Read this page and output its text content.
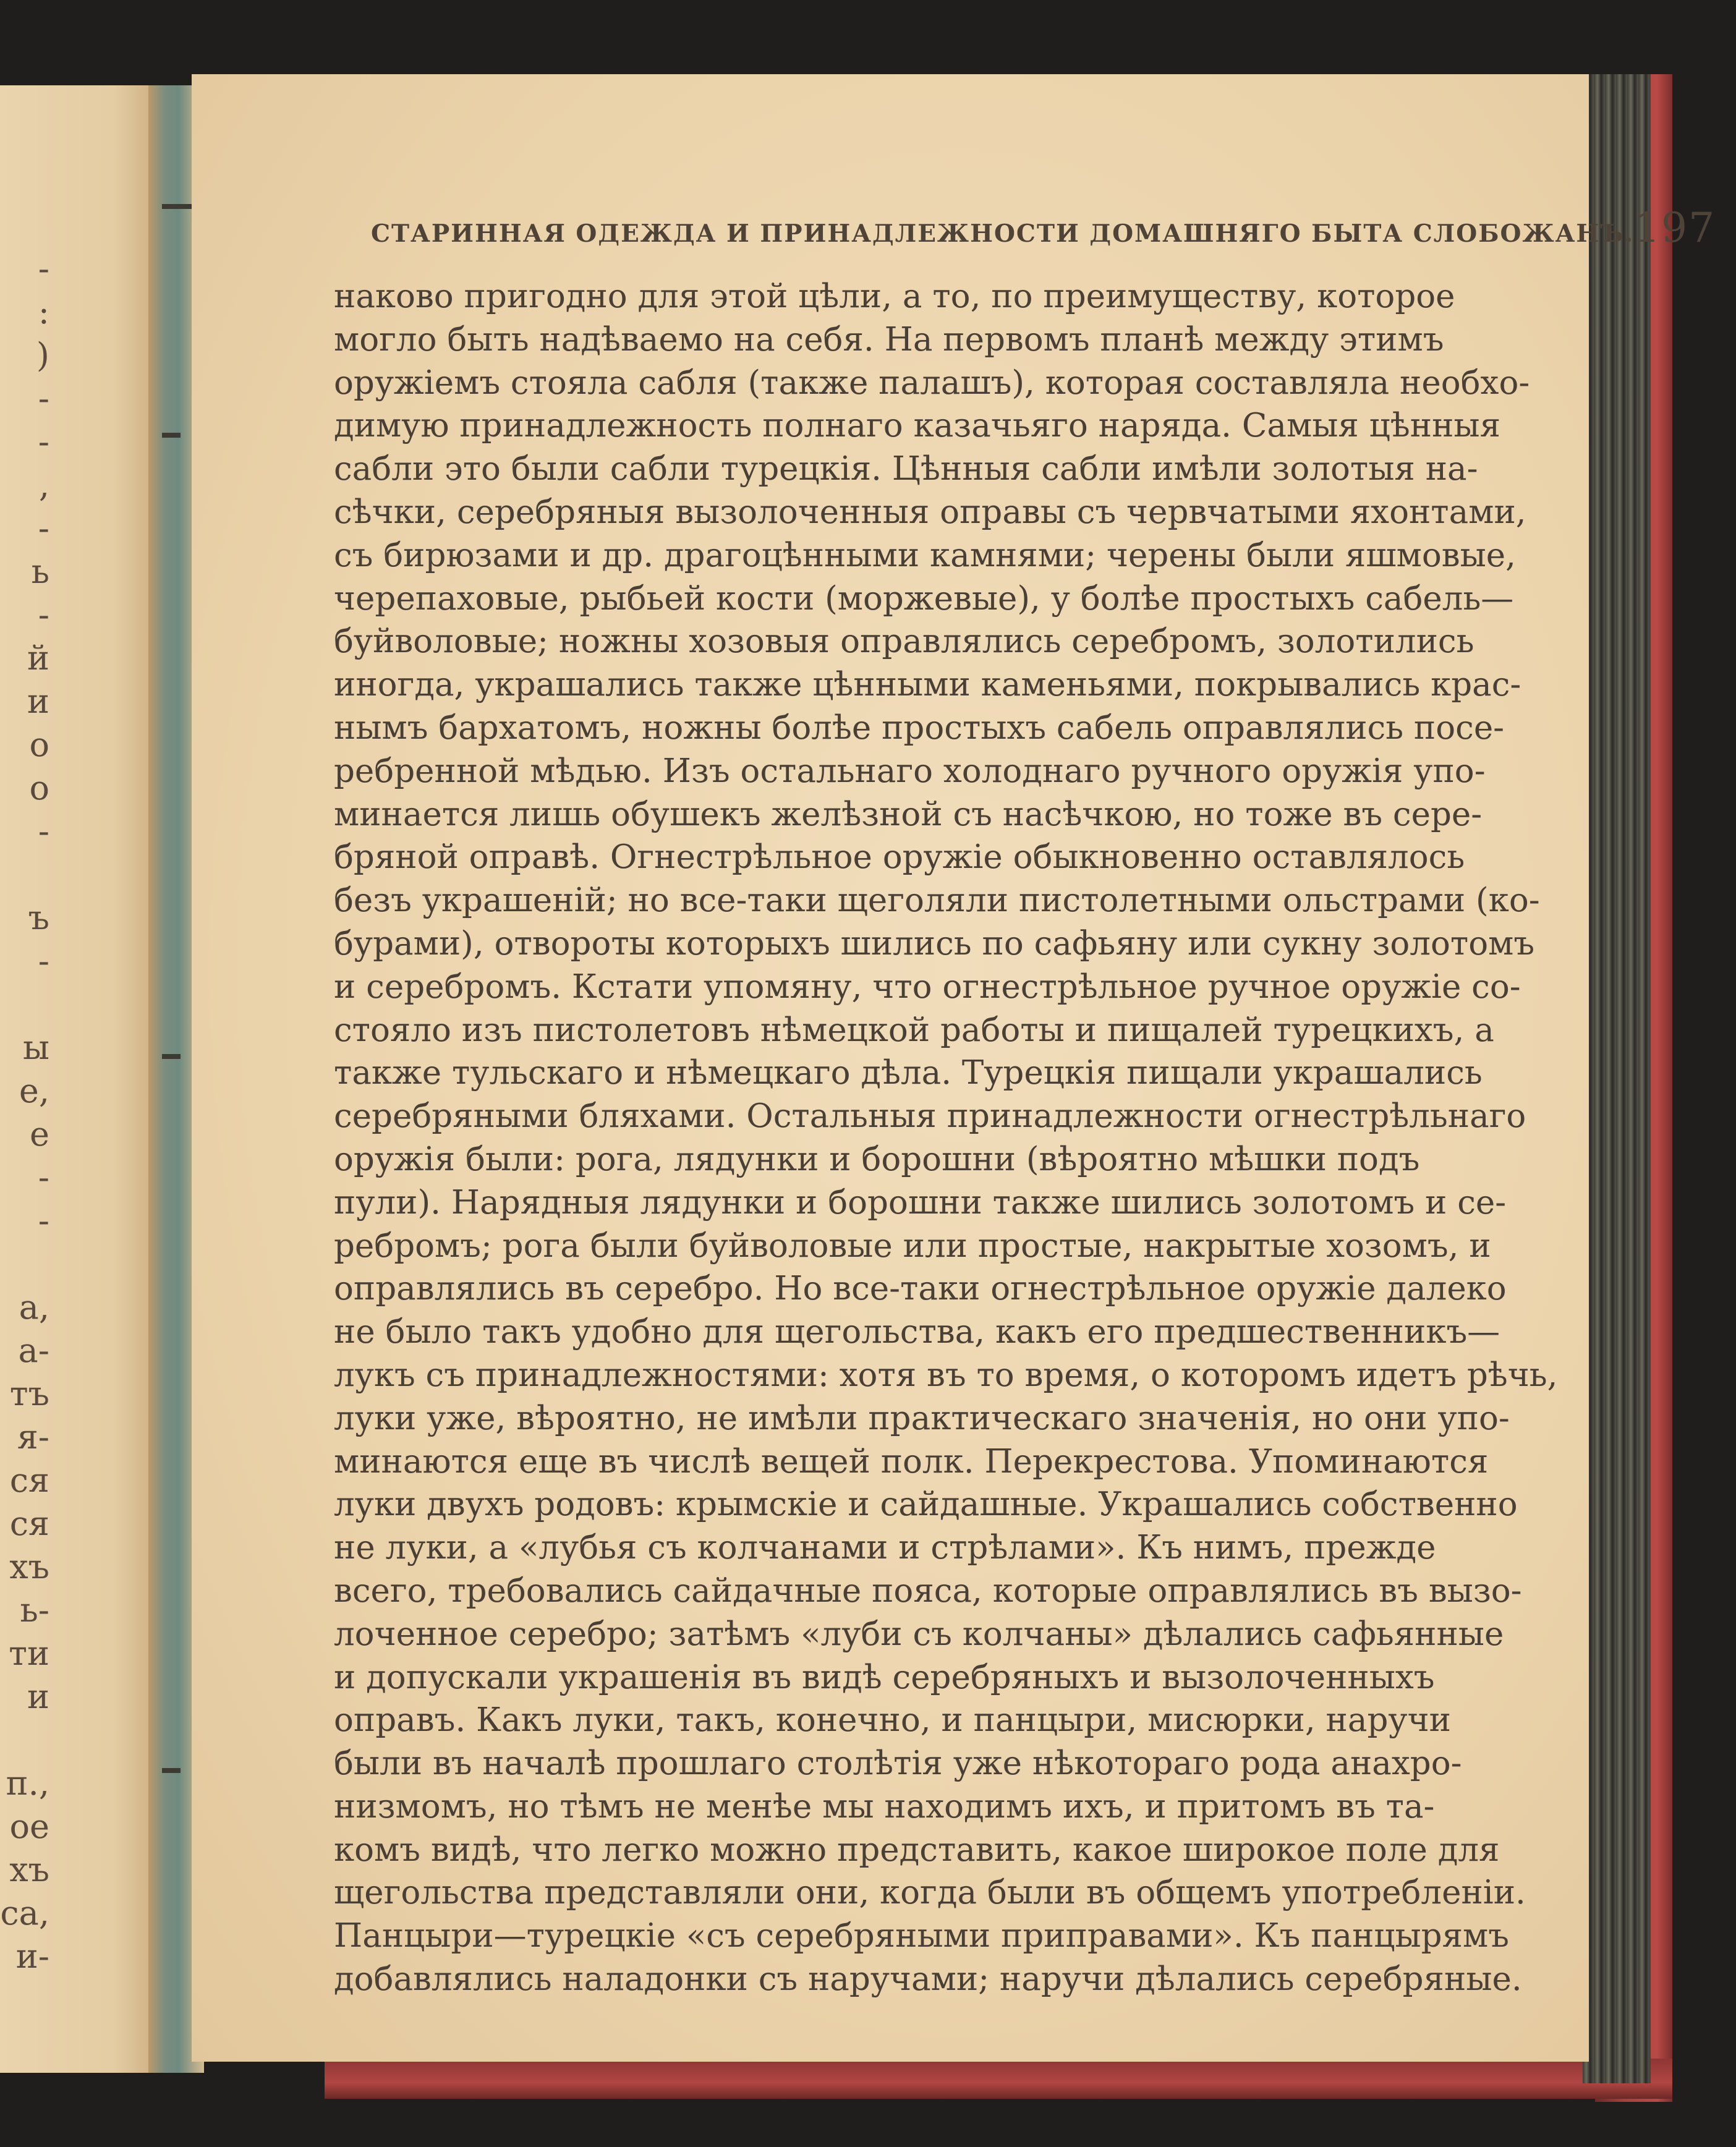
-
:
)
-
-
,
-
ь
-
й
и
о
о
-

ъ
-

ы
е,
е
-
-

а,
а-
тъ
я-
ся
ся
хъ
ь-
ти
и

п.,
ое
хъ
са,
и-
СТАРИННАЯ ОДЕЖДА И ПРИНАДЛЕЖНОСТИ ДОМАШНЯГО БЫТА СЛОБОЖАНЪ. 197
наково пригодно для этой цѣли, а то, по преимуществу, которое
могло быть надѣваемо на себя. На первомъ планѣ между этимъ
оружіемъ стояла сабля (также палашъ), которая составляла необхо-
димую принадлежность полнаго казачьяго наряда. Самыя цѣнныя
сабли это были сабли турецкія. Цѣнныя сабли имѣли золотыя на-
сѣчки, серебряныя вызолоченныя оправы съ червчатыми яхонтами,
съ бирюзами и др. драгоцѣнными камнями; черены были яшмовые,
черепаховые, рыбьей кости (моржевые), у болѣе простыхъ сабель—
буйволовые; ножны хозовыя оправлялись серебромъ, золотились
иногда, украшались также цѣнными каменьями, покрывались крас-
нымъ бархатомъ, ножны болѣе простыхъ сабель оправлялись посе-
ребренной мѣдью. Изъ остальнаго холоднаго ручного оружія упо-
минается лишь обушекъ желѣзной съ насѣчкою, но тоже въ сере-
бряной оправѣ. Огнестрѣльное оружіе обыкновенно оставлялось
безъ украшеній; но все-таки щеголяли пистолетными ольстрами (ко-
бурами), отвороты которыхъ шились по сафьяну или сукну золотомъ
и серебромъ. Кстати упомяну, что огнестрѣльное ручное оружіе со-
стояло изъ пистолетовъ нѣмецкой работы и пищалей турецкихъ, а
также тульскаго и нѣмецкаго дѣла. Турецкія пищали украшались
серебряными бляхами. Остальныя принадлежности огнестрѣльнаго
оружія были: рога, лядунки и борошни (вѣроятно мѣшки подъ
пули). Нарядныя лядунки и борошни также шились золотомъ и се-
ребромъ; рога были буйволовые или простые, накрытые хозомъ, и
оправлялись въ серебро. Но все-таки огнестрѣльное оружіе далеко
не было такъ удобно для щегольства, какъ его предшественникъ—
лукъ съ принадлежностями: хотя въ то время, о которомъ идетъ рѣчь,
луки уже, вѣроятно, не имѣли практическаго значенія, но они упо-
минаются еще въ числѣ вещей полк. Перекрестова. Упоминаются
луки двухъ родовъ: крымскіе и сайдашные. Украшались собственно
не луки, а «лубья съ колчанами и стрѣлами». Къ нимъ, прежде
всего, требовались сайдачные пояса, которые оправлялись въ вызо-
лоченное серебро; затѣмъ «луби съ колчаны» дѣлались сафьянные
и допускали украшенія въ видѣ серебряныхъ и вызолоченныхъ
оправъ. Какъ луки, такъ, конечно, и панцыри, мисюрки, наручи
были въ началѣ прошлаго столѣтія уже нѣкотораго рода анахро-
низмомъ, но тѣмъ не менѣе мы находимъ ихъ, и притомъ въ та-
комъ видѣ, что легко можно представить, какое широкое поле для
щегольства представляли они, когда были въ общемъ употребленіи.
Панцыри—турецкіе «съ серебряными приправами». Къ панцырямъ
добавлялись наладонки съ наручами; наручи дѣлались серебряные.
